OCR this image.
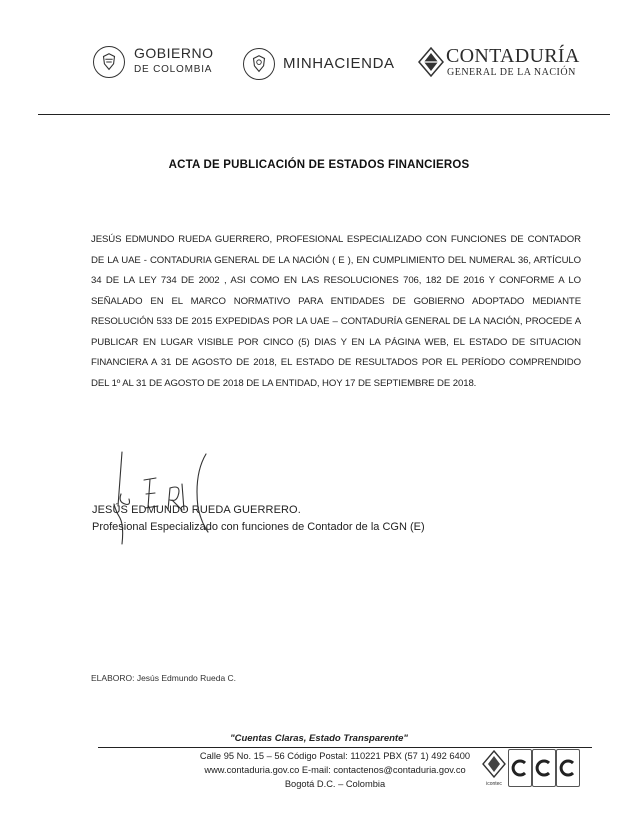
GOBIERNO
DE COLOMBIA	MINHACIENDA	CONTADURÍA
GENERAL DE LA NACIÓN
ACTA DE PUBLICACIÓN DE ESTADOS FINANCIEROS
JESÚS EDMUNDO RUEDA GUERRERO, PROFESIONAL ESPECIALIZADO CON FUNCIONES DE CONTADOR DE LA UAE - CONTADURIA GENERAL DE LA NACIÓN ( E ), EN CUMPLIMIENTO DEL NUMERAL 36, ARTÍCULO 34 DE LA LEY 734 DE 2002 , ASI COMO EN LAS RESOLUCIONES 706, 182 DE 2016 Y CONFORME A LO SEÑALADO EN EL MARCO NORMATIVO PARA ENTIDADES DE GOBIERNO ADOPTADO MEDIANTE RESOLUCIÓN 533 DE 2015 EXPEDIDAS POR LA UAE – CONTADURÍA GENERAL DE LA NACIÓN, PROCEDE A PUBLICAR EN LUGAR VISIBLE POR CINCO (5) DIAS Y EN LA PÁGINA WEB, EL ESTADO DE SITUACION FINANCIERA A 31 DE AGOSTO DE 2018, EL ESTADO DE RESULTADOS POR EL PERÍODO COMPRENDIDO DEL 1º AL 31 DE AGOSTO DE 2018 DE LA ENTIDAD, HOY 17 DE SEPTIEMBRE DE 2018.
JESÚS EDMUNDO RUEDA GUERRERO.
Profesional Especializado con funciones de Contador de la CGN (E)
ELABORO: Jesús Edmundo Rueda C.
"Cuentas Claras, Estado Transparente"
Calle 95 No. 15 – 56 Código Postal: 110221 PBX (57 1) 492 6400
www.contaduria.gov.co E-mail: contactenos@contaduria.gov.co
Bogotá D.C. – Colombia	icontec
